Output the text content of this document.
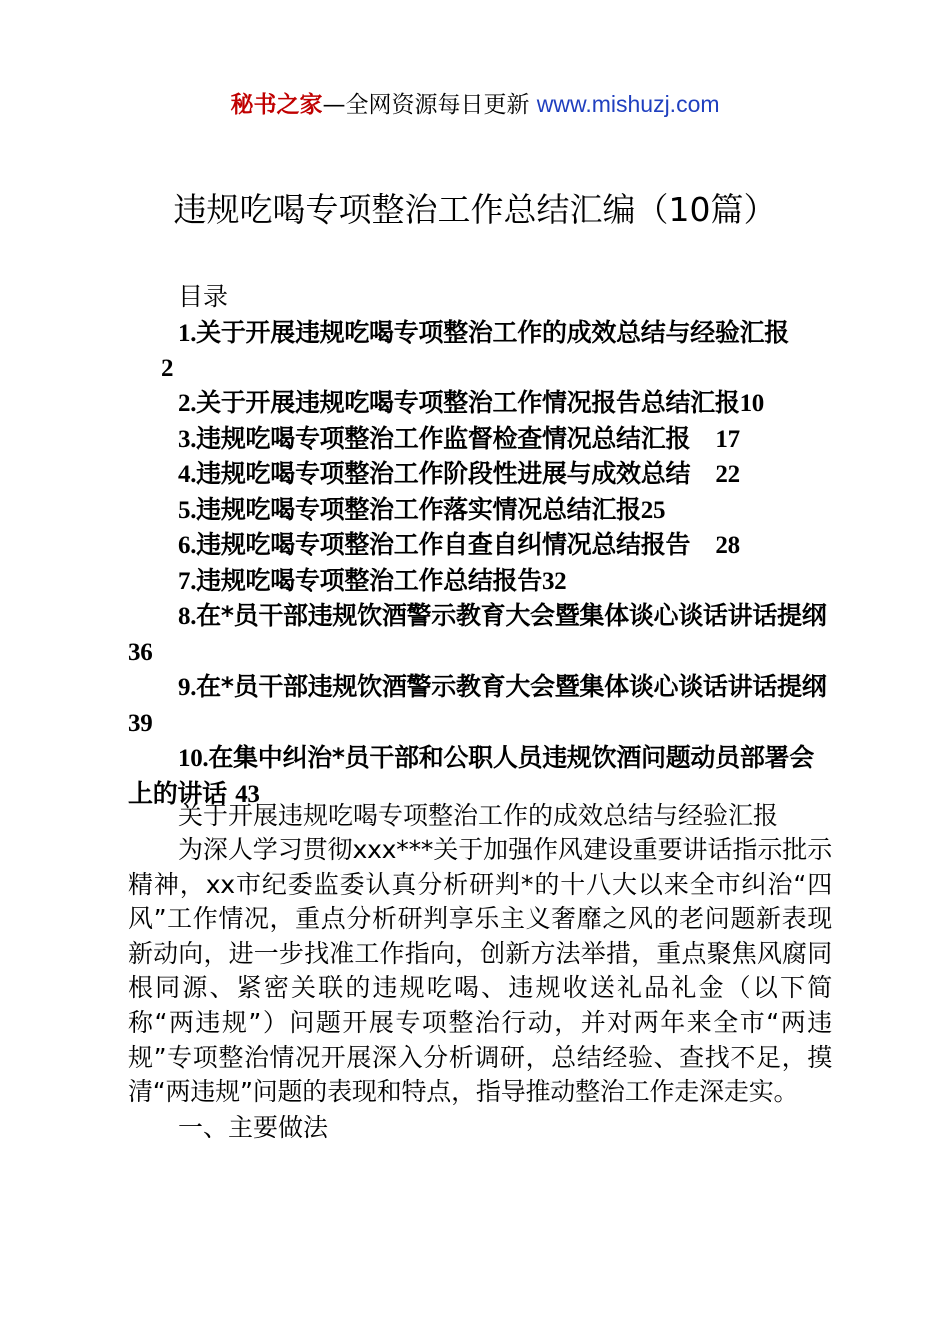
秘书之家—全网资源每日更新 www.mishuzj.com
违规吃喝专项整治工作总结汇编（10篇）
目录
1.关于开展违规吃喝专项整治工作的成效总结与经验汇报
2
2.关于开展违规吃喝专项整治工作情况报告总结汇报10
3.违规吃喝专项整治工作监督检查情况总结汇报 17
4.违规吃喝专项整治工作阶段性进展与成效总结 22
5.违规吃喝专项整治工作落实情况总结汇报25
6.违规吃喝专项整治工作自查自纠情况总结报告 28
7.违规吃喝专项整治工作总结报告32
8.在*员干部违规饮酒警示教育大会暨集体谈心谈话讲话提纲 36
9.在*员干部违规饮酒警示教育大会暨集体谈心谈话讲话提纲 39
10.在集中纠治*员干部和公职人员违规饮酒问题动员部署会上的讲话 43

关于开展违规吃喝专项整治工作的成效总结与经验汇报

为深人学习贯彻xxx***关于加强作风建设重要讲话指示批示精神，xx市纪委监委认真分析研判*的十八大以来全市纠治“四风”工作情况，重点分析研判享乐主义奢靡之风的老问题新表现新动向，进一步找准工作指向，创新方法举措，重点聚焦风腐同根同源、紧密关联的违规吃喝、违规收送礼品礼金（以下简称“两违规”）问题开展专项整治行动，并对两年来全市“两违规”专项整治情况开展深入分析调研，总结经验、查找不足，摸清“两违规”问题的表现和特点，指导推动整治工作走深走实。

一、主要做法
